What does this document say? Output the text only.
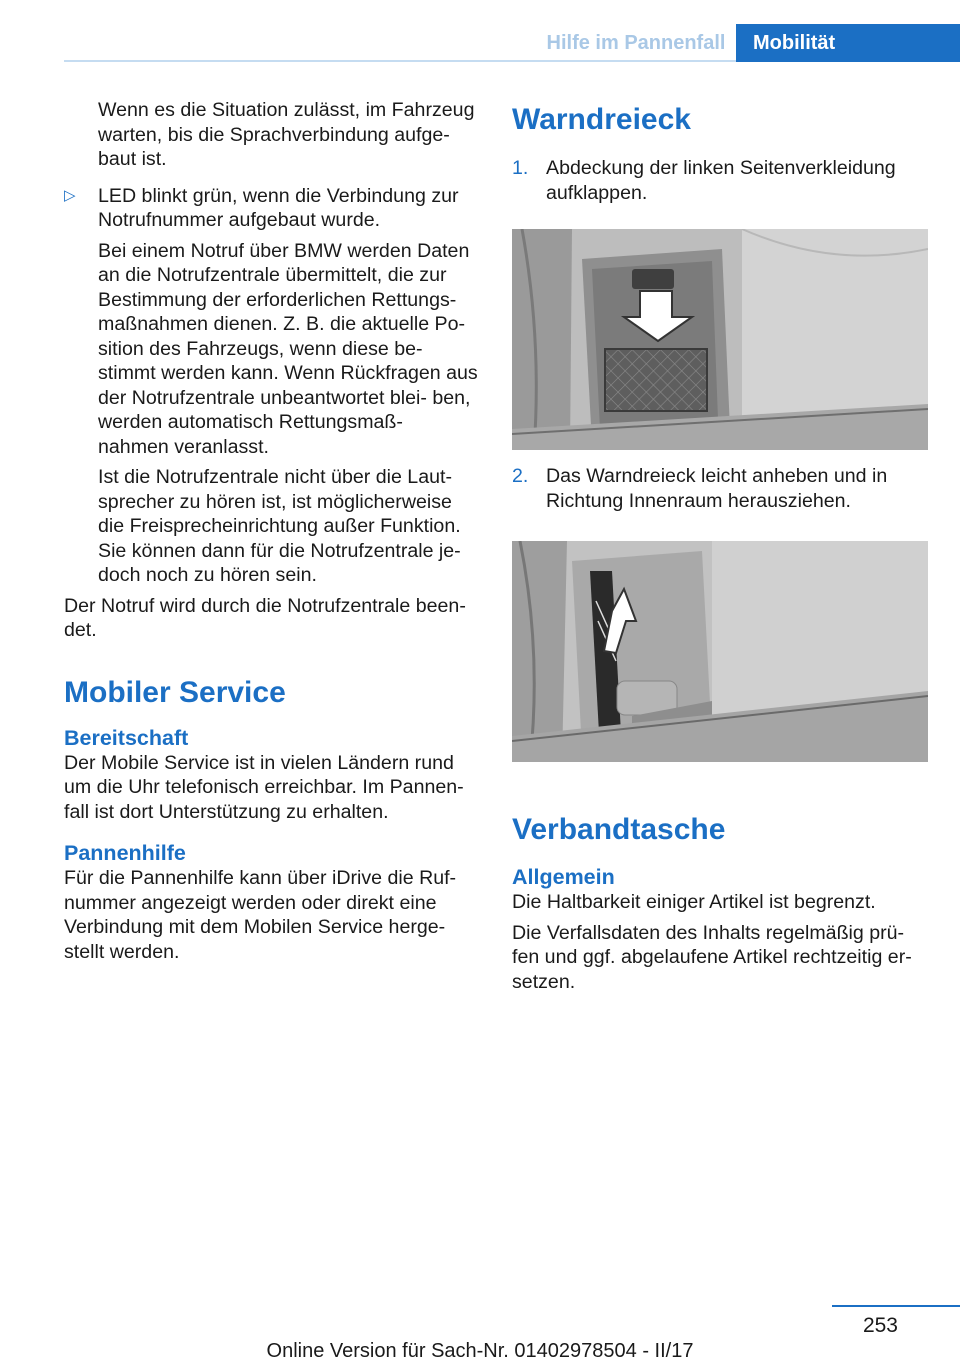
Hilfe im Pannenfall	Mobilität

Wenn es die Situation zulässt, im Fahrzeug warten, bis die Sprachverbindung aufge‐ baut ist.

▷	LED blinkt grün, wenn die Verbindung zur Notrufnummer aufgebaut wurde.

Bei einem Notruf über BMW werden Daten an die Notrufzentrale übermittelt, die zur Bestimmung der erforderlichen Rettungs‐ maßnahmen dienen. Z. B. die aktuelle Po‐ sition des Fahrzeugs, wenn diese be‐ stimmt werden kann. Wenn Rückfragen aus der Notrufzentrale unbeantwortet blei‐ ben, werden automatisch Rettungsmaß‐ nahmen veranlasst.

Ist die Notrufzentrale nicht über die Laut‐ sprecher zu hören ist, ist möglicherweise die Freisprecheinrichtung außer Funktion. Sie können dann für die Notrufzentrale je‐ doch noch zu hören sein.

Der Notruf wird durch die Notrufzentrale been‐ det.

Mobiler Service
Bereitschaft

Der Mobile Service ist in vielen Ländern rund um die Uhr telefonisch erreichbar. Im Pannen‐ fall ist dort Unterstützung zu erhalten.

Pannenhilfe

Für die Pannenhilfe kann über iDrive die Ruf‐ nummer angezeigt werden oder direkt eine Verbindung mit dem Mobilen Service herge‐ stellt werden.

Warndreieck
1. Abdeckung der linken Seitenverkleidung aufklappen.
2. Das Warndreieck leicht anheben und in Richtung Innenraum herausziehen.
Verbandtasche
Allgemein

Die Haltbarkeit einiger Artikel ist begrenzt.

Die Verfallsdaten des Inhalts regelmäßig prü‐ fen und ggf. abgelaufene Artikel rechtzeitig er‐ setzen.

253
Online Version für Sach-Nr. 01402978504 - II/17
